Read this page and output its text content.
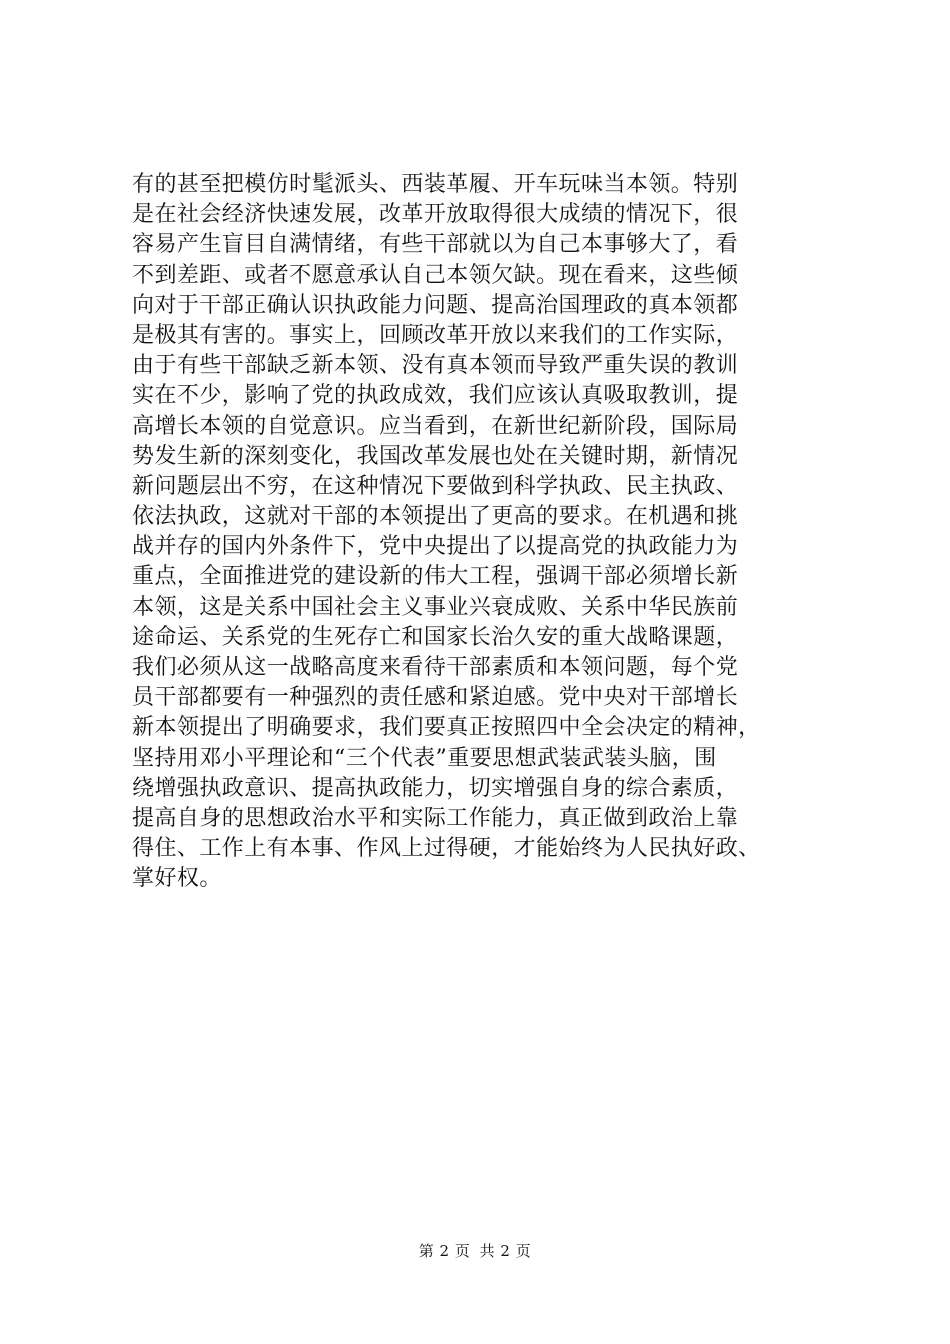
有的甚至把模仿时髦派头、西装革履、开车玩味当本领。特别
是在社会经济快速发展，改革开放取得很大成绩的情况下，很
容易产生盲目自满情绪，有些干部就以为自己本事够大了，看
不到差距、或者不愿意承认自己本领欠缺。现在看来，这些倾
向对于干部正确认识执政能力问题、提高治国理政的真本领都
是极其有害的。事实上，回顾改革开放以来我们的工作实际，
由于有些干部缺乏新本领、没有真本领而导致严重失误的教训
实在不少，影响了党的执政成效，我们应该认真吸取教训，提
高增长本领的自觉意识。应当看到，在新世纪新阶段，国际局
势发生新的深刻变化，我国改革发展也处在关键时期，新情况
新问题层出不穷，在这种情况下要做到科学执政、民主执政、
依法执政，这就对干部的本领提出了更高的要求。在机遇和挑
战并存的国内外条件下，党中央提出了以提高党的执政能力为
重点，全面推进党的建设新的伟大工程，强调干部必须增长新
本领，这是关系中国社会主义事业兴衰成败、关系中华民族前
途命运、关系党的生死存亡和国家长治久安的重大战略课题，
我们必须从这一战略高度来看待干部素质和本领问题，每个党
员干部都要有一种强烈的责任感和紧迫感。党中央对干部增长
新本领提出了明确要求，我们要真正按照四中全会决定的精神，
坚持用邓小平理论和“三个代表”重要思想武装武装头脑，围
绕增强执政意识、提高执政能力，切实增强自身的综合素质，
提高自身的思想政治水平和实际工作能力，真正做到政治上靠
得住、工作上有本事、作风上过得硬，才能始终为人民执好政、
掌好权。
第 2 页 共 2 页
